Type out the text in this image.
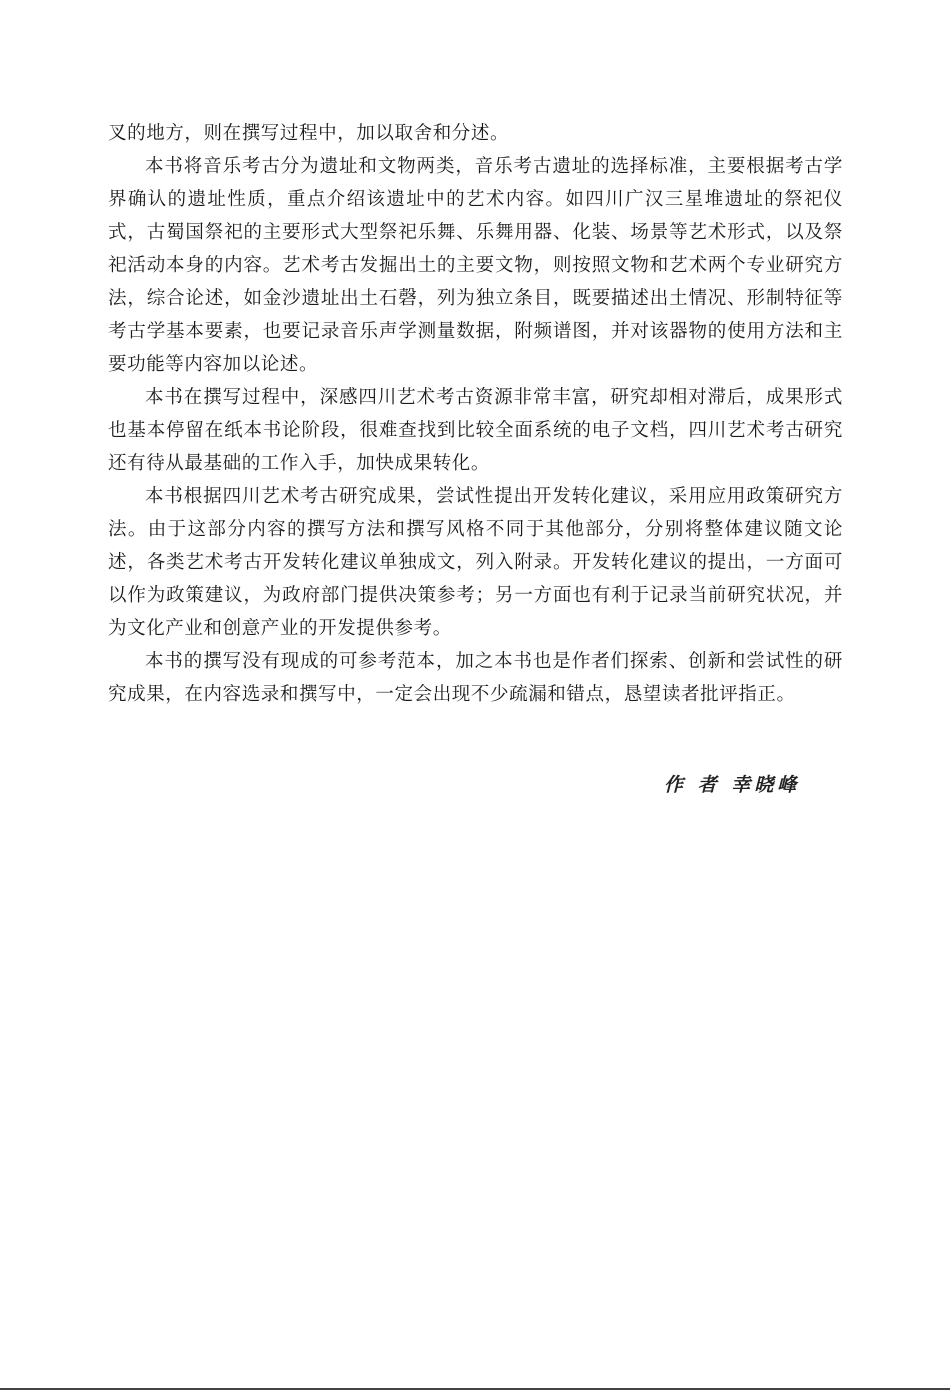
叉的地方，则在撰写过程中，加以取舍和分述。

本书将音乐考古分为遗址和文物两类，音乐考古遗址的选择标准，主要根据考古学界确认的遗址性质，重点介绍该遗址中的艺术内容。如四川广汉三星堆遗址的祭祀仪式，古蜀国祭祀的主要形式大型祭祀乐舞、乐舞用器、化装、场景等艺术形式，以及祭祀活动本身的内容。艺术考古发掘出土的主要文物，则按照文物和艺术两个专业研究方法，综合论述，如金沙遗址出土石磬，列为独立条目，既要描述出土情况、形制特征等考古学基本要素，也要记录音乐声学测量数据，附频谱图，并对该器物的使用方法和主要功能等内容加以论述。

本书在撰写过程中，深感四川艺术考古资源非常丰富，研究却相对滞后，成果形式也基本停留在纸本书论阶段，很难查找到比较全面系统的电子文档，四川艺术考古研究还有待从最基础的工作入手，加快成果转化。

本书根据四川艺术考古研究成果，尝试性提出开发转化建议，采用应用政策研究方法。由于这部分内容的撰写方法和撰写风格不同于其他部分，分别将整体建议随文论述，各类艺术考古开发转化建议单独成文，列入附录。开发转化建议的提出，一方面可以作为政策建议，为政府部门提供决策参考；另一方面也有利于记录当前研究状况，并为文化产业和创意产业的开发提供参考。

本书的撰写没有现成的可参考范本，加之本书也是作者们探索、创新和尝试性的研究成果，在内容选录和撰写中，一定会出现不少疏漏和错点，恳望读者批评指正。

作 者 幸晓峰
